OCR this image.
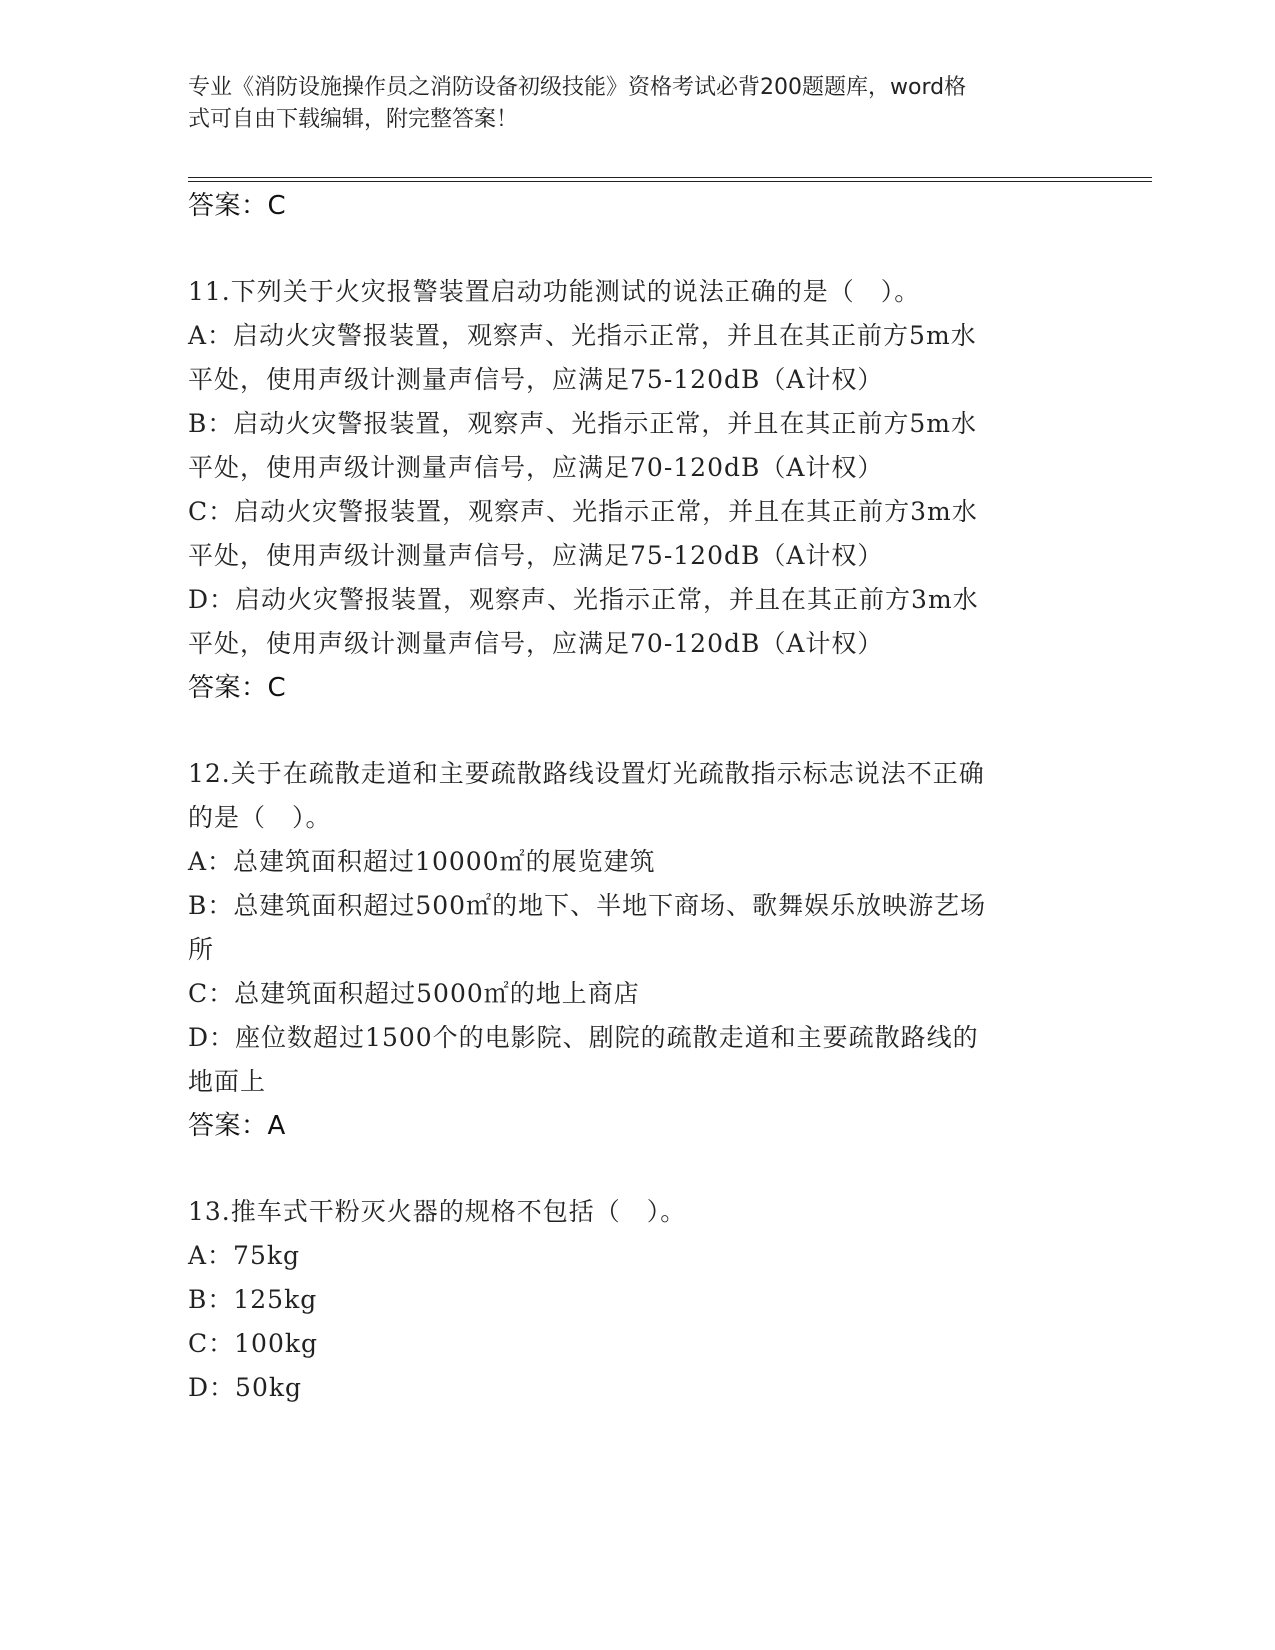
专业《消防设施操作员之消防设备初级技能》资格考试必背200题题库，word格
式可自由下载编辑，附完整答案！
答案：C
11.下列关于火灾报警装置启动功能测试的说法正确的是（　）。
A：启动火灾警报装置，观察声、光指示正常，并且在其正前方5m水
平处，使用声级计测量声信号，应满足75-120dB（A计权）
B：启动火灾警报装置，观察声、光指示正常，并且在其正前方5m水
平处，使用声级计测量声信号，应满足70-120dB（A计权）
C：启动火灾警报装置，观察声、光指示正常，并且在其正前方3m水
平处，使用声级计测量声信号，应满足75-120dB（A计权）
D：启动火灾警报装置，观察声、光指示正常，并且在其正前方3m水
平处，使用声级计测量声信号，应满足70-120dB（A计权）
答案：C
12.关于在疏散走道和主要疏散路线设置灯光疏散指示标志说法不正确
的是（　）。
A：总建筑面积超过10000㎡的展览建筑
B：总建筑面积超过500㎡的地下、半地下商场、歌舞娱乐放映游艺场
所
C：总建筑面积超过5000㎡的地上商店
D：座位数超过1500个的电影院、剧院的疏散走道和主要疏散路线的
地面上
答案：A
13.推车式干粉灭火器的规格不包括（　）。
A：75kg
B：125kg
C：100kg
D：50kg
